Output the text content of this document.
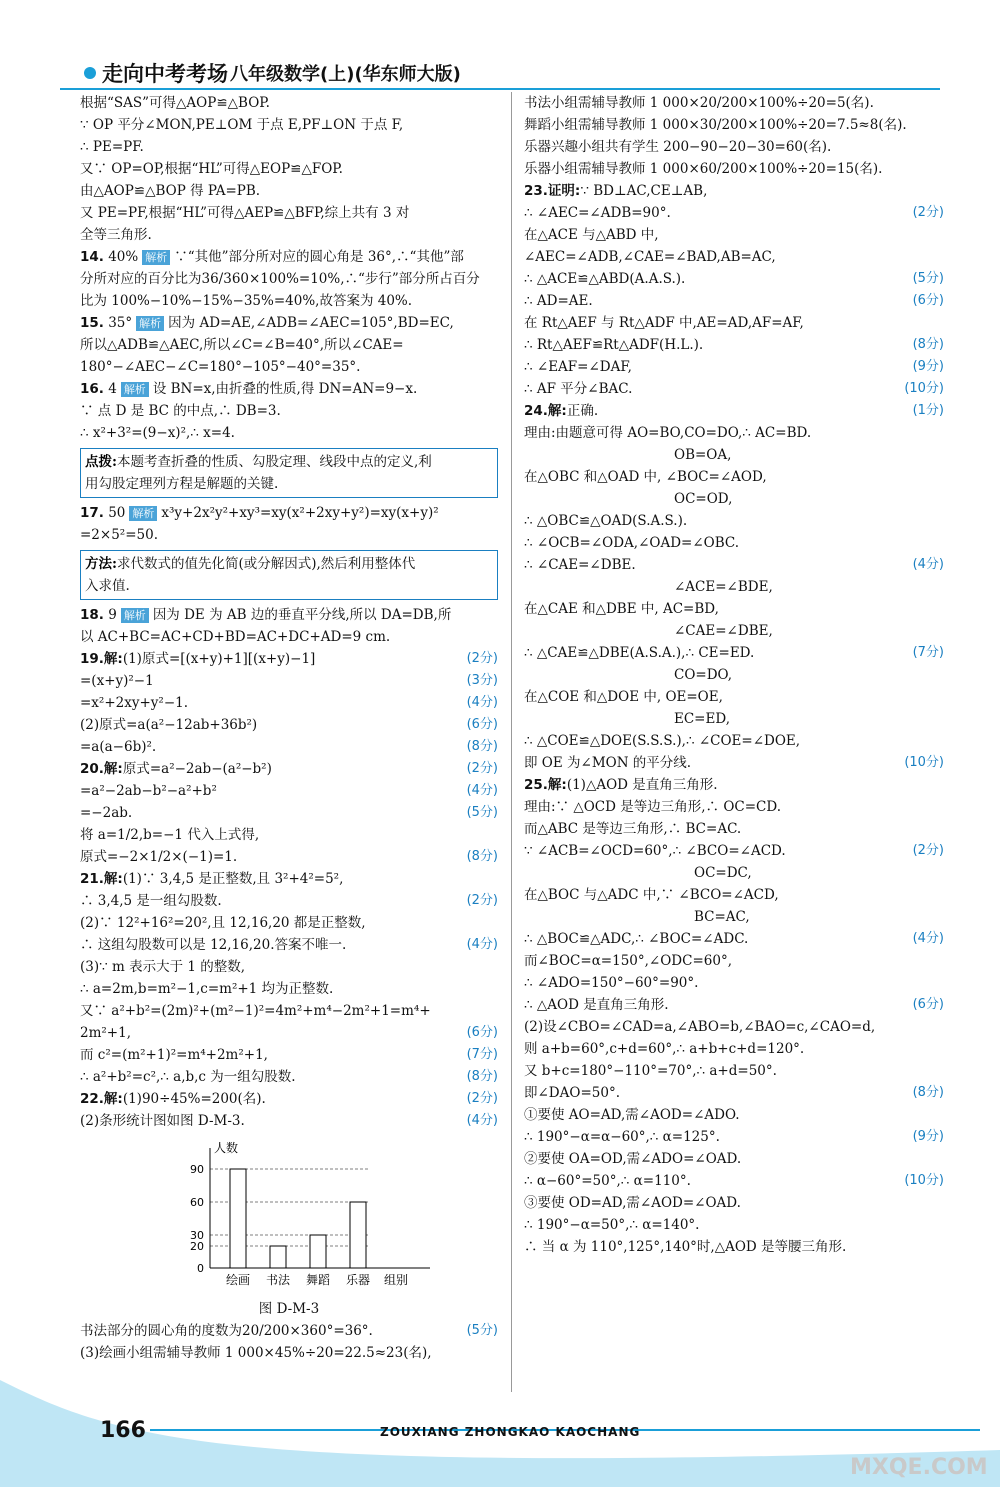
走向中考考场 八年级数学(上)(华东师大版)
根据“SAS”可得△AOP≌△BOP.
∵ OP 平分∠MON,PE⊥OM 于点 E,PF⊥ON 于点 F,
∴ PE=PF.
又∵ OP=OP,根据“HL”可得△EOP≌△FOP.
由△AOP≌△BOP 得 PA=PB.
又 PE=PF,根据“HL”可得△AEP≌△BFP,综上共有 3 对
全等三角形.
14. 40% 解析 ∵“其他”部分所对应的圆心角是 36°,∴“其他”部
分所对应的百分比为36/360×100%=10%,∴“步行”部分所占百分
比为 100%−10%−15%−35%=40%,故答案为 40%.
15. 35° 解析 因为 AD=AE,∠ADB=∠AEC=105°,BD=EC,
所以△ADB≌△AEC,所以∠C=∠B=40°,所以∠CAE=
180°−∠AEC−∠C=180°−105°−40°=35°.
16. 4 解析 设 BN=x,由折叠的性质,得 DN=AN=9−x.
∵ 点 D 是 BC 的中点,∴ DB=3.
∴ x²+3²=(9−x)²,∴ x=4.
点拨:本题考查折叠的性质、勾股定理、线段中点的定义,利
用勾股定理列方程是解题的关键.
17. 50 解析 x³y+2x²y²+xy³=xy(x²+2xy+y²)=xy(x+y)²
=2×5²=50.
方法:求代数式的值先化简(或分解因式),然后利用整体代
入求值.
18. 9 解析 因为 DE 为 AB 边的垂直平分线,所以 DA=DB,所
以 AC+BC=AC+CD+BD=AC+DC+AD=9 cm.
19.解:(1)原式=[(x+y)+1][(x+y)−1]	(2分)
=(x+y)²−1	(3分)
=x²+2xy+y²−1.	(4分)
(2)原式=a(a²−12ab+36b²)	(6分)
=a(a−6b)².	(8分)
20.解:原式=a²−2ab−(a²−b²)	(2分)
=a²−2ab−b²−a²+b²	(4分)
=−2ab.	(5分)
将 a=1/2,b=−1 代入上式得,
原式=−2×1/2×(−1)=1.	(8分)
21.解:(1)∵ 3,4,5 是正整数,且 3²+4²=5²,
∴ 3,4,5 是一组勾股数.	(2分)
(2)∵ 12²+16²=20²,且 12,16,20 都是正整数,
∴ 这组勾股数可以是 12,16,20.答案不唯一.	(4分)
(3)∵ m 表示大于 1 的整数,
∴ a=2m,b=m²−1,c=m²+1 均为正整数.
又∵ a²+b²=(2m)²+(m²−1)²=4m²+m⁴−2m²+1=m⁴+
2m²+1,	(6分)
而 c²=(m²+1)²=m⁴+2m²+1,	(7分)
∴ a²+b²=c²,∴ a,b,c 为一组勾股数.	(8分)
22.解:(1)90÷45%=200(名).	(2分)
(2)条形统计图如图 D-M-3.	(4分)
人数
组别
90
60
30
20
0
绘画 书法 舞蹈 乐器
图 D-M-3
书法部分的圆心角的度数为20/200×360°=36°.	(5分)
(3)绘画小组需辅导教师 1 000×45%÷20=22.5≈23(名),
书法小组需辅导教师 1 000×20/200×100%÷20=5(名).
舞蹈小组需辅导教师 1 000×30/200×100%÷20=7.5≈8(名).
乐器兴趣小组共有学生 200−90−20−30=60(名).
乐器小组需辅导教师 1 000×60/200×100%÷20=15(名).
23.证明:∵ BD⊥AC,CE⊥AB,
∴ ∠AEC=∠ADB=90°.	(2分)
在△ACE 与△ABD 中,
∠AEC=∠ADB,∠CAE=∠BAD,AB=AC,
∴ △ACE≌△ABD(A.A.S.).	(5分)
∴ AD=AE.	(6分)
在 Rt△AEF 与 Rt△ADF 中,AE=AD,AF=AF,
∴ Rt△AEF≌Rt△ADF(H.L.).	(8分)
∴ ∠EAF=∠DAF,	(9分)
∴ AF 平分∠BAC.	(10分)
24.解:正确.	(1分)
理由:由题意可得 AO=BO,CO=DO,∴ AC=BD.
OB=OA,
在△OBC 和△OAD 中, ∠BOC=∠AOD,
OC=OD,
∴ △OBC≌△OAD(S.A.S.).
∴ ∠OCB=∠ODA,∠OAD=∠OBC.
∴ ∠CAE=∠DBE.	(4分)
∠ACE=∠BDE,
在△CAE 和△DBE 中, AC=BD,
∠CAE=∠DBE,
∴ △CAE≌△DBE(A.S.A.),∴ CE=ED.	(7分)
CO=DO,
在△COE 和△DOE 中, OE=OE,
EC=ED,
∴ △COE≌△DOE(S.S.S.),∴ ∠COE=∠DOE,
即 OE 为∠MON 的平分线.	(10分)
25.解:(1)△AOD 是直角三角形.
理由:∵ △OCD 是等边三角形,∴ OC=CD.
而△ABC 是等边三角形,∴ BC=AC.
∵ ∠ACB=∠OCD=60°,∴ ∠BCO=∠ACD.	(2分)
OC=DC,
在△BOC 与△ADC 中,∵ ∠BCO=∠ACD,
BC=AC,
∴ △BOC≌△ADC,∴ ∠BOC=∠ADC.	(4分)
而∠BOC=α=150°,∠ODC=60°,
∴ ∠ADO=150°−60°=90°.
∴ △AOD 是直角三角形.	(6分)
(2)设∠CBO=∠CAD=a,∠ABO=b,∠BAO=c,∠CAO=d,
则 a+b=60°,c+d=60°,∴ a+b+c+d=120°.
又 b+c=180°−110°=70°,∴ a+d=50°.
即∠DAO=50°.	(8分)
①要使 AO=AD,需∠AOD=∠ADO.
∴ 190°−α=α−60°,∴ α=125°.	(9分)
②要使 OA=OD,需∠ADO=∠OAD.
∴ α−60°=50°,∴ α=110°.	(10分)
③要使 OD=AD,需∠AOD=∠OAD.
∴ 190°−α=50°,∴ α=140°.
∴ 当 α 为 110°,125°,140°时,△AOD 是等腰三角形.
166	ZOUXIANG ZHONGKAO KAOCHANG
MXQE.COM
